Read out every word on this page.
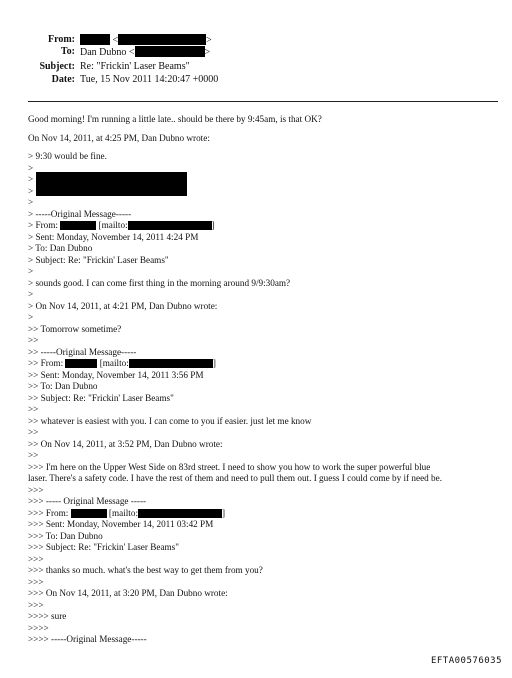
From:	<	>
To: Dan Dubno <	>
Subject: Re: "Frickin' Laser Beams"
Date: Tue, 15 Nov 2011 14:20:47 +0000
Good morning! I'm running a little late.. should be there by 9:45am, is that OK?
On Nov 14, 2011, at 4:25 PM, Dan Dubno wrote:
> 9:30 would be fine.
>
>
>
>
> -----Original Message-----
> From:	[mailto:	]
> Sent: Monday, November 14, 2011 4:24 PM
> To: Dan Dubno
> Subject: Re: "Frickin' Laser Beams"
>
> sounds good. I can come first thing in the morning around 9/9:30am?
>
> On Nov 14, 2011, at 4:21 PM, Dan Dubno wrote:
>
>> Tomorrow sometime?
>>
>> -----Original Message-----
>> From:	[mailto:	]
>> Sent: Monday, November 14, 2011 3:56 PM
>> To: Dan Dubno
>> Subject: Re: "Frickin' Laser Beams"
>>
>> whatever is easiest with you. I can come to you if easier. just let me know
>>
>> On Nov 14, 2011, at 3:52 PM, Dan Dubno wrote:
>>
>>> I'm here on the Upper West Side on 83rd street. I need to show you how to work the super powerful blue
laser. There's a safety code. I have the rest of them and need to pull them out. I guess I could come by if need be.
>>>
>>> ----- Original Message -----
>>> From:	[mailto:	]
>>> Sent: Monday, November 14, 2011 03:42 PM
>>> To: Dan Dubno
>>> Subject: Re: "Frickin' Laser Beams"
>>>
>>> thanks so much. what's the best way to get them from you?
>>>
>>> On Nov 14, 2011, at 3:20 PM, Dan Dubno wrote:
>>>
>>>> sure
>>>>
>>>> -----Original Message-----
EFTA00576035
